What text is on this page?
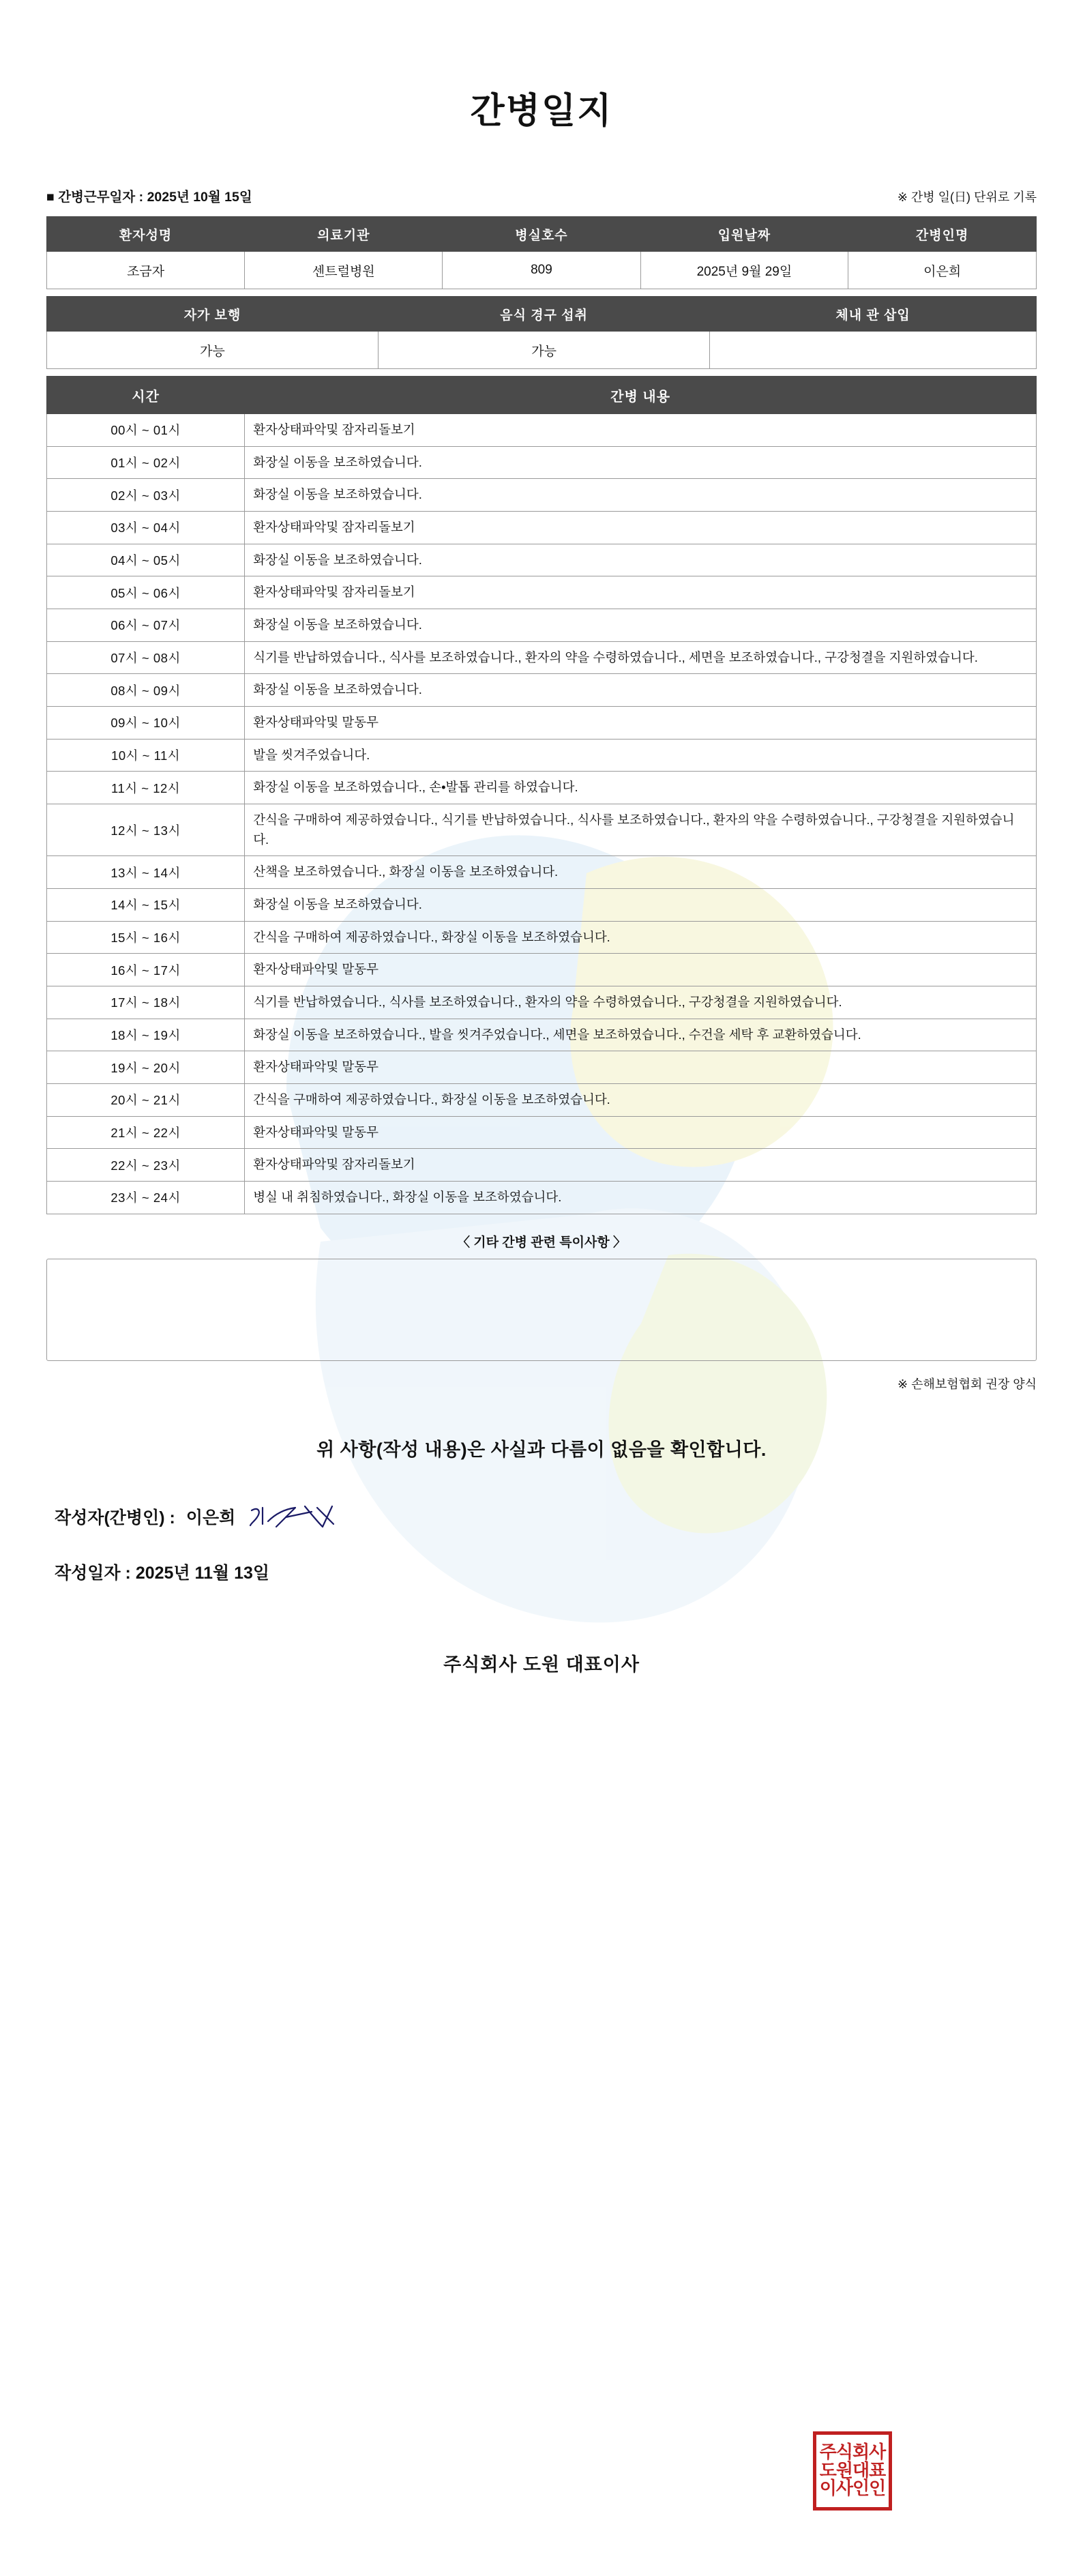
간병일지
■ 간병근무일자 : 2025년 10월 15일	※ 간병 일(日) 단위로 기록
환자성명	의료기관	병실호수	입원날짜	간병인명
조금자	센트럴병원	809	2025년 9월 29일	이은희
자가 보행	음식 경구 섭취	체내 관 삽입
가능	가능	
시간	간병 내용
00시 ~ 01시	환자상태파악및 잠자리돌보기
01시 ~ 02시	화장실 이동을 보조하였습니다.
02시 ~ 03시	화장실 이동을 보조하였습니다.
03시 ~ 04시	환자상태파악및 잠자리돌보기
04시 ~ 05시	화장실 이동을 보조하였습니다.
05시 ~ 06시	환자상태파악및 잠자리돌보기
06시 ~ 07시	화장실 이동을 보조하였습니다.
07시 ~ 08시	식기를 반납하였습니다., 식사를 보조하였습니다., 환자의 약을 수령하였습니다., 세면을 보조하였습니다., 구강청결을 지원하였습니다.
08시 ~ 09시	화장실 이동을 보조하였습니다.
09시 ~ 10시	환자상태파악및 말동무
10시 ~ 11시	발을 씻겨주었습니다.
11시 ~ 12시	화장실 이동을 보조하였습니다., 손•발톱 관리를 하였습니다.
12시 ~ 13시	간식을 구매하여 제공하였습니다., 식기를 반납하였습니다., 식사를 보조하였습니다., 환자의 약을 수령하였습니다., 구강청결을 지원하였습니다.
13시 ~ 14시	산책을 보조하였습니다., 화장실 이동을 보조하였습니다.
14시 ~ 15시	화장실 이동을 보조하였습니다.
15시 ~ 16시	간식을 구매하여 제공하였습니다., 화장실 이동을 보조하였습니다.
16시 ~ 17시	환자상태파악및 말동무
17시 ~ 18시	식기를 반납하였습니다., 식사를 보조하였습니다., 환자의 약을 수령하였습니다., 구강청결을 지원하였습니다.
18시 ~ 19시	화장실 이동을 보조하였습니다., 발을 씻겨주었습니다., 세면을 보조하였습니다., 수건을 세탁 후 교환하였습니다.
19시 ~ 20시	환자상태파악및 말동무
20시 ~ 21시	간식을 구매하여 제공하였습니다., 화장실 이동을 보조하였습니다.
21시 ~ 22시	환자상태파악및 말동무
22시 ~ 23시	환자상태파악및 잠자리돌보기
23시 ~ 24시	병실 내 취침하였습니다., 화장실 이동을 보조하였습니다.
〈 기타 간병 관련 특이사항 〉
※ 손해보험협회 권장 양식
위 사항(작성 내용)은 사실과 다름이 없음을 확인합니다.
작성자(간병인) : 이은희
작성일자 : 2025년 11월 13일
주식회사 도원 대표이사
주식회사
도원대표
이사인인
